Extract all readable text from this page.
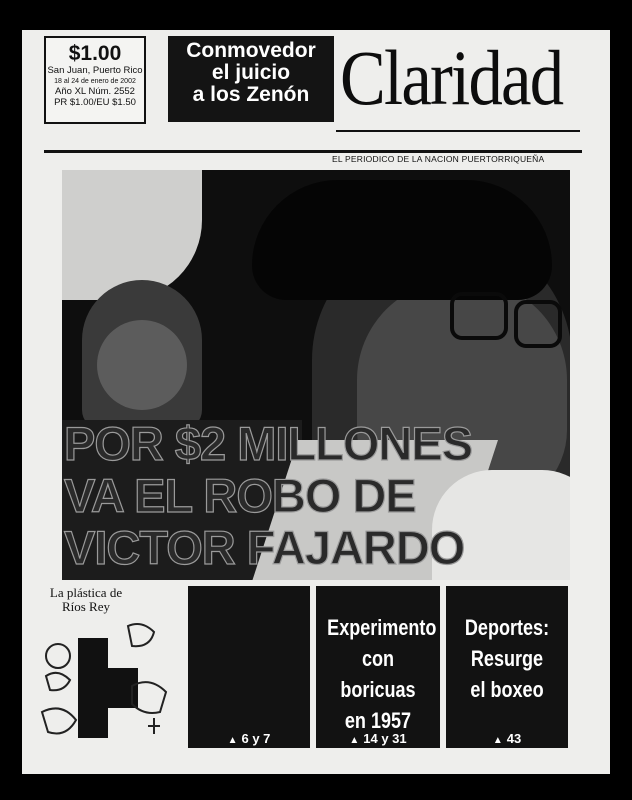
$1.00
San Juan, Puerto Rico
18 al 24 de enero de 2002
Año XL Núm. 2552
PR $1.00/EU $1.50
Conmovedor
el juicio
a los Zenón Claridad
EL PERIODICO DE LA NACION PUERTORRIQUEÑA
POR $2 MILLONES
VA EL ROBO DE
VICTOR FAJARDO
La plástica de Ríos Rey
▲ 6 y 7
Experimento
con boricuas
en 1957
▲ 14 y 31
Deportes:
Resurge
el boxeo
▲ 43
